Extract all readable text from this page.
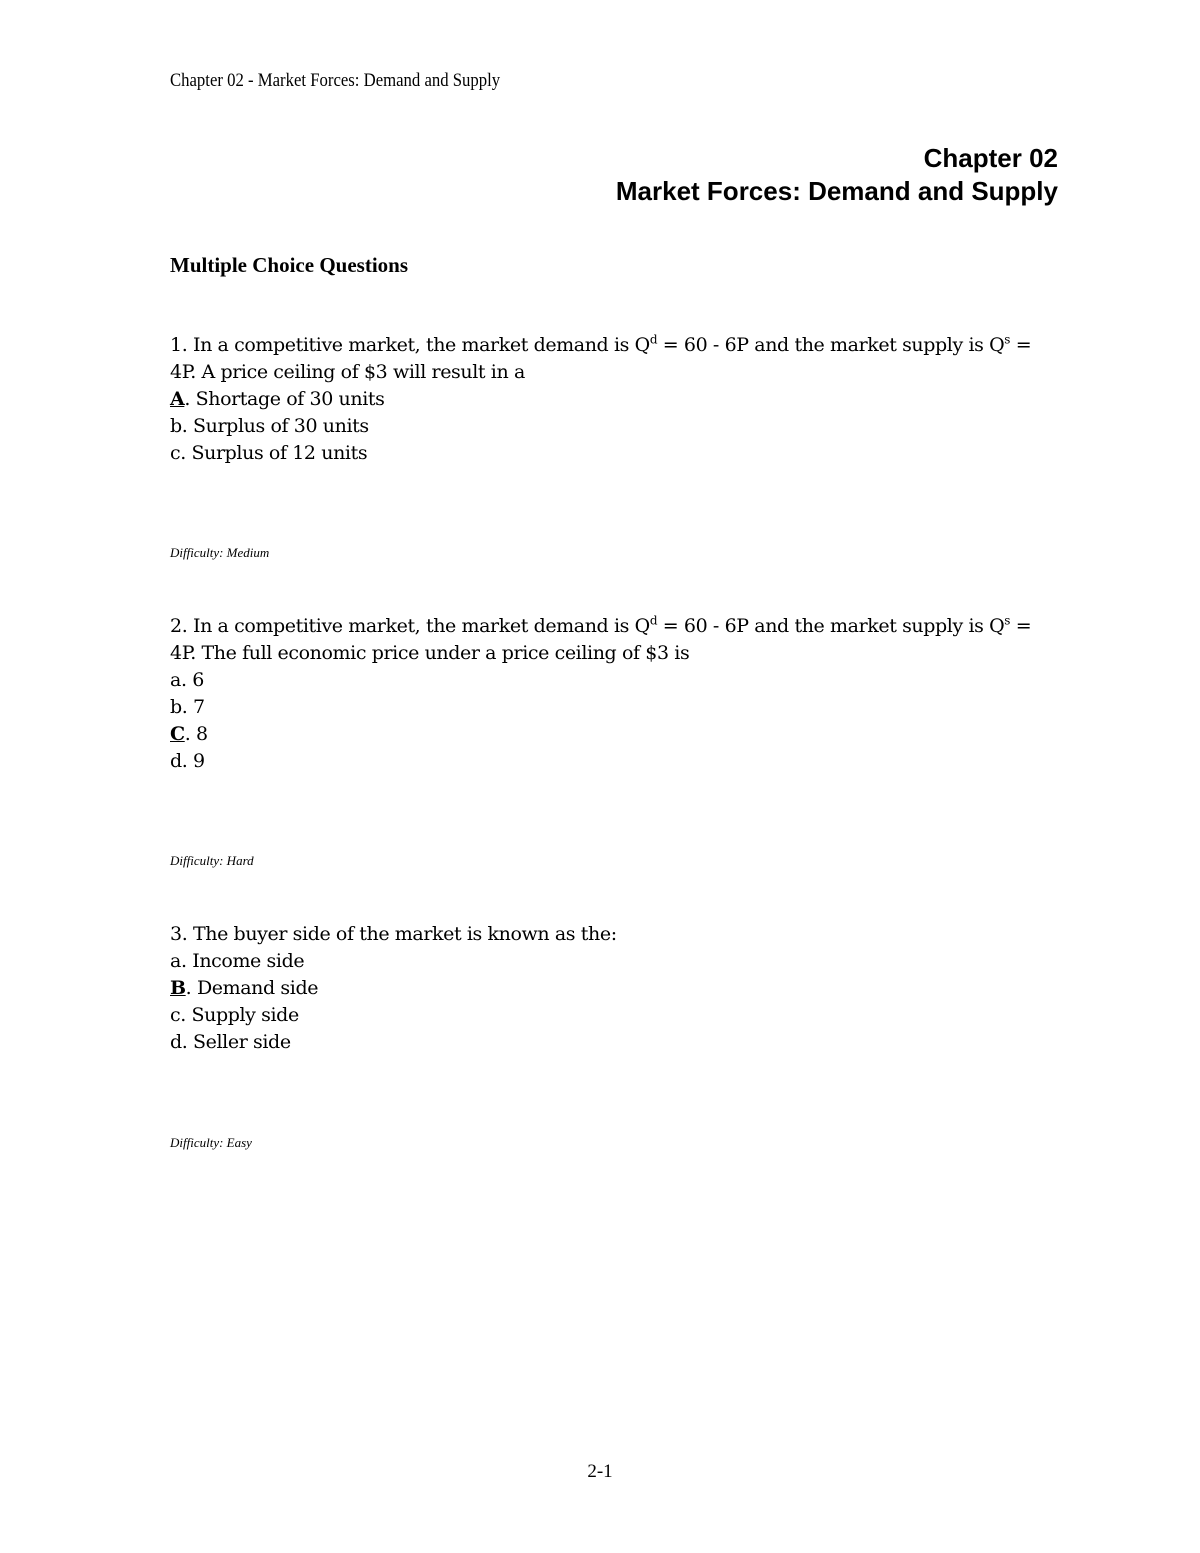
Chapter 02 - Market Forces: Demand and Supply
Chapter 02
Market Forces: Demand and Supply
Multiple Choice Questions

1. In a competitive market, the market demand is $Q^d = 60 - 6P$ and the market supply is $Q^s$ =

4P. A price ceiling of $3 will result in a

A. Shortage of 30 units

b. Surplus of 30 units

c. Surplus of 12 units

Difficulty: Medium

2. In a competitive market, the market demand is $Q^d = 60 - 6P$ and the market supply is $Q^s$ =

4P. The full economic price under a price ceiling of $3 is

a. 6

b. 7

C. 8

d. 9

Difficulty: Hard

3. The buyer side of the market is known as the:

a. Income side

B. Demand side

c. Supply side

d. Seller side

Difficulty: Easy
2-1
